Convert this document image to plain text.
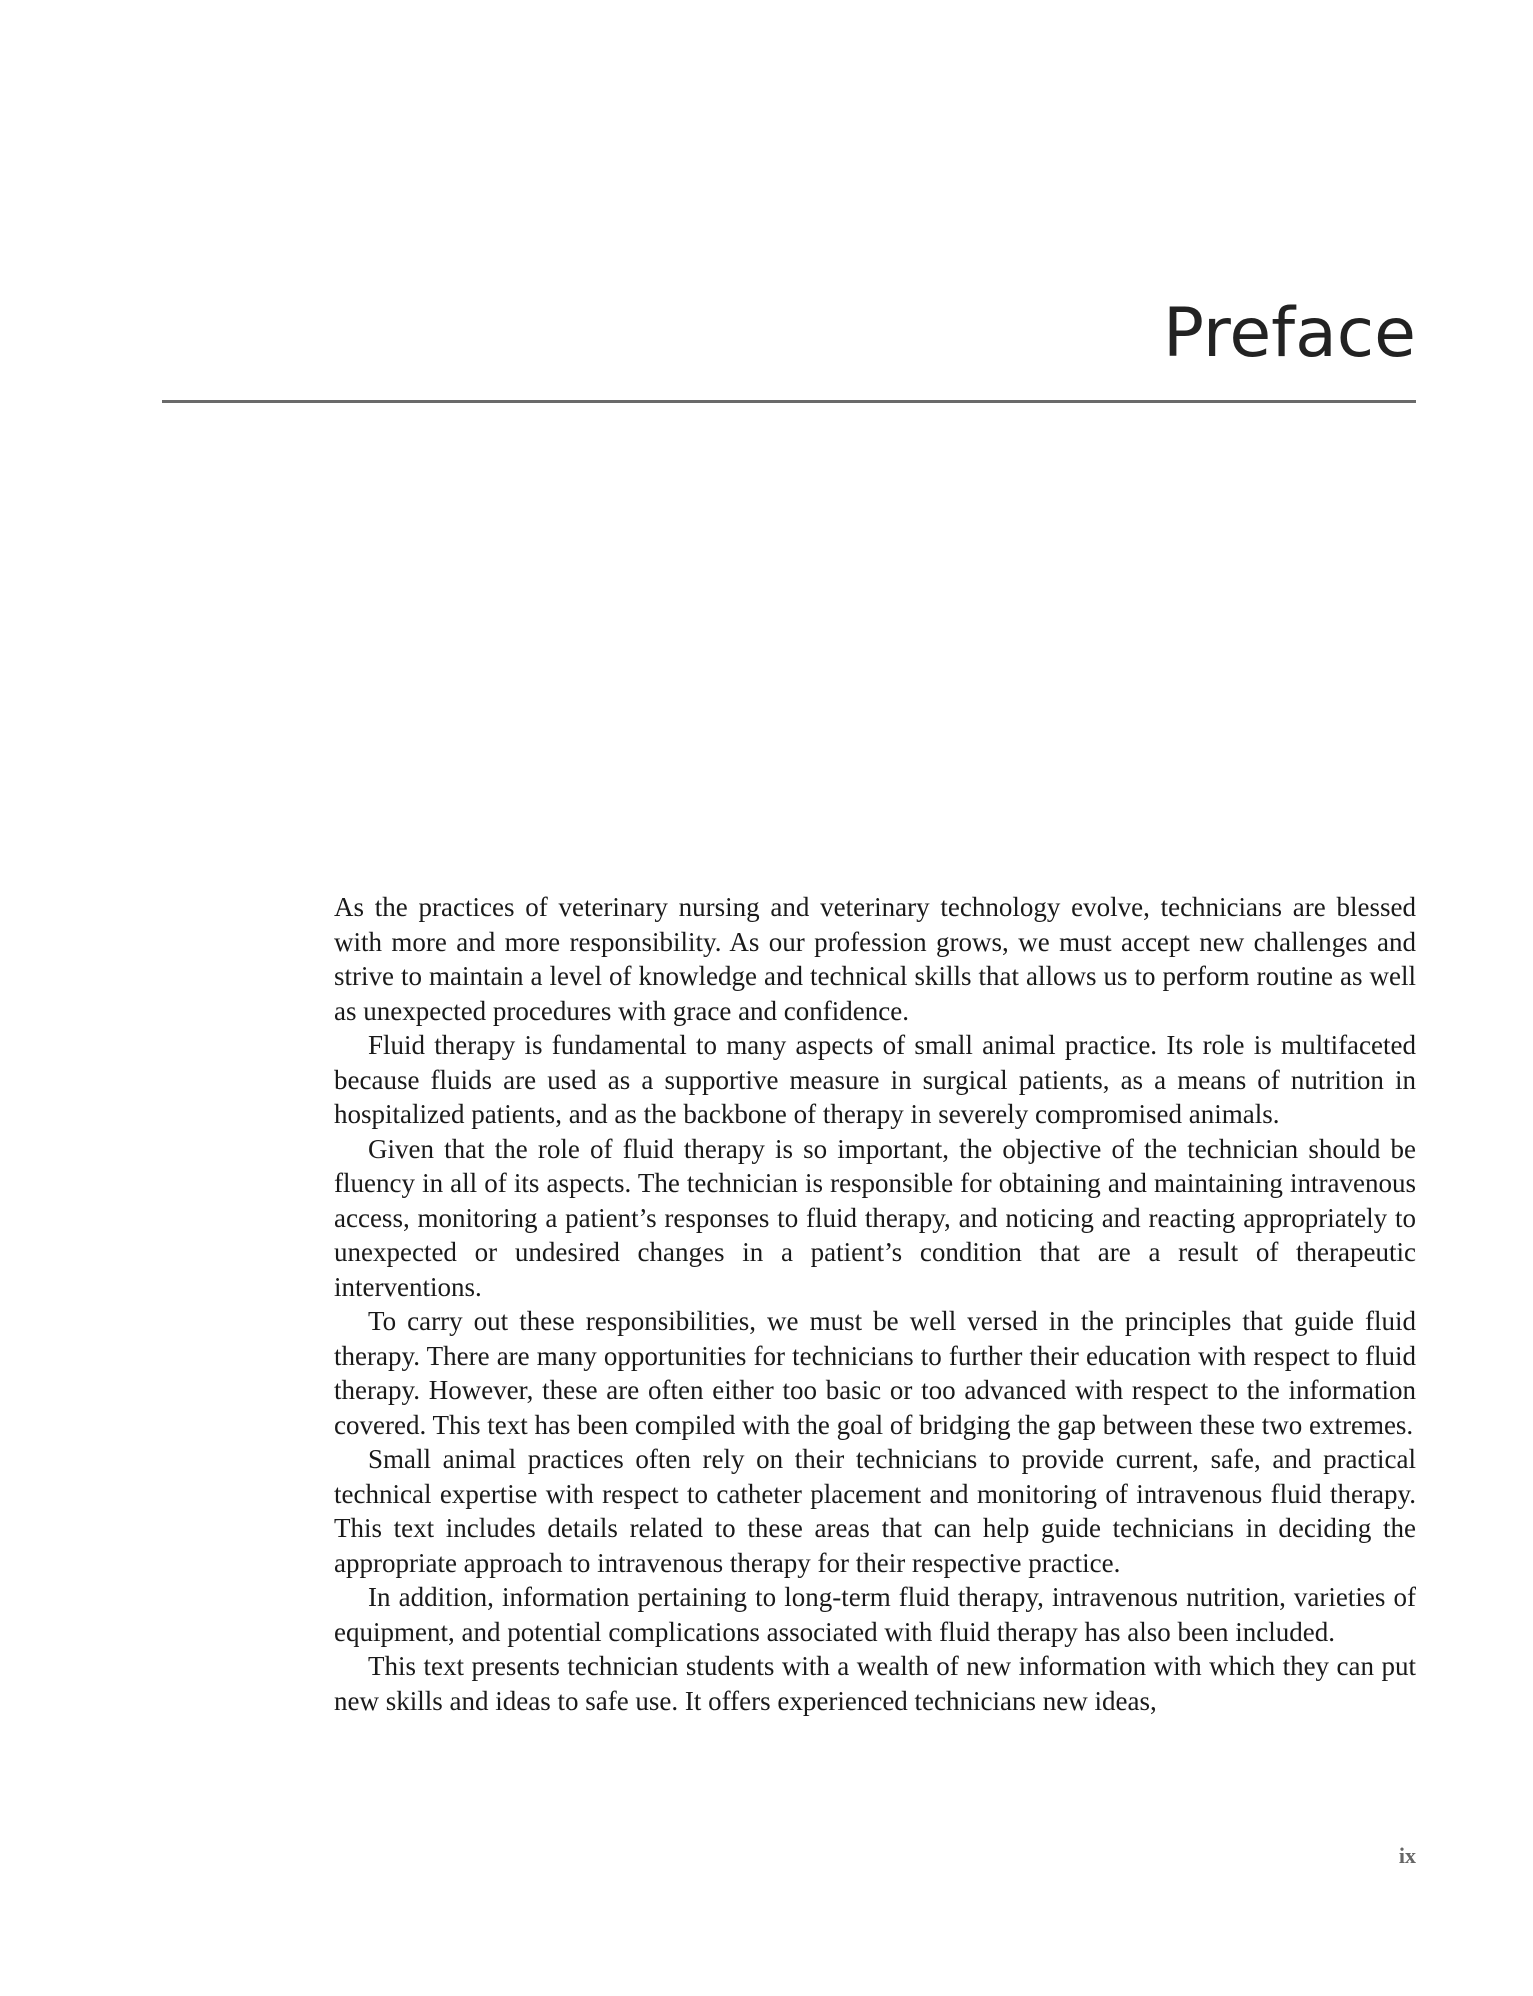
Preface

As the practices of veterinary nursing and veterinary technology evolve, technicians are blessed with more and more responsibility. As our profession grows, we must accept new challenges and strive to maintain a level of knowledge and technical skills that allows us to perform routine as well as unexpected procedures with grace and confidence.

Fluid therapy is fundamental to many aspects of small animal practice. Its role is multifaceted because fluids are used as a supportive measure in surgical patients, as a means of nutrition in hospitalized patients, and as the backbone of therapy in severely compromised animals.

Given that the role of fluid therapy is so important, the objective of the technician should be fluency in all of its aspects. The technician is responsible for obtaining and maintaining intravenous access, monitoring a patient’s responses to fluid therapy, and noticing and reacting appropriately to unexpected or undesired changes in a patient’s condition that are a result of therapeutic interventions.

To carry out these responsibilities, we must be well versed in the principles that guide fluid therapy. There are many opportunities for technicians to further their education with respect to fluid therapy. However, these are often either too basic or too advanced with respect to the information covered. This text has been compiled with the goal of bridging the gap between these two extremes.

Small animal practices often rely on their technicians to provide current, safe, and practical technical expertise with respect to catheter placement and monitoring of intravenous fluid therapy. This text includes details related to these areas that can help guide technicians in deciding the appropriate approach to intravenous therapy for their respective practice.

In addition, information pertaining to long-term fluid therapy, intravenous nutrition, varieties of equipment, and potential complications associated with fluid therapy has also been included.

This text presents technician students with a wealth of new information with which they can put new skills and ideas to safe use. It offers experienced technicians new ideas,

ix
